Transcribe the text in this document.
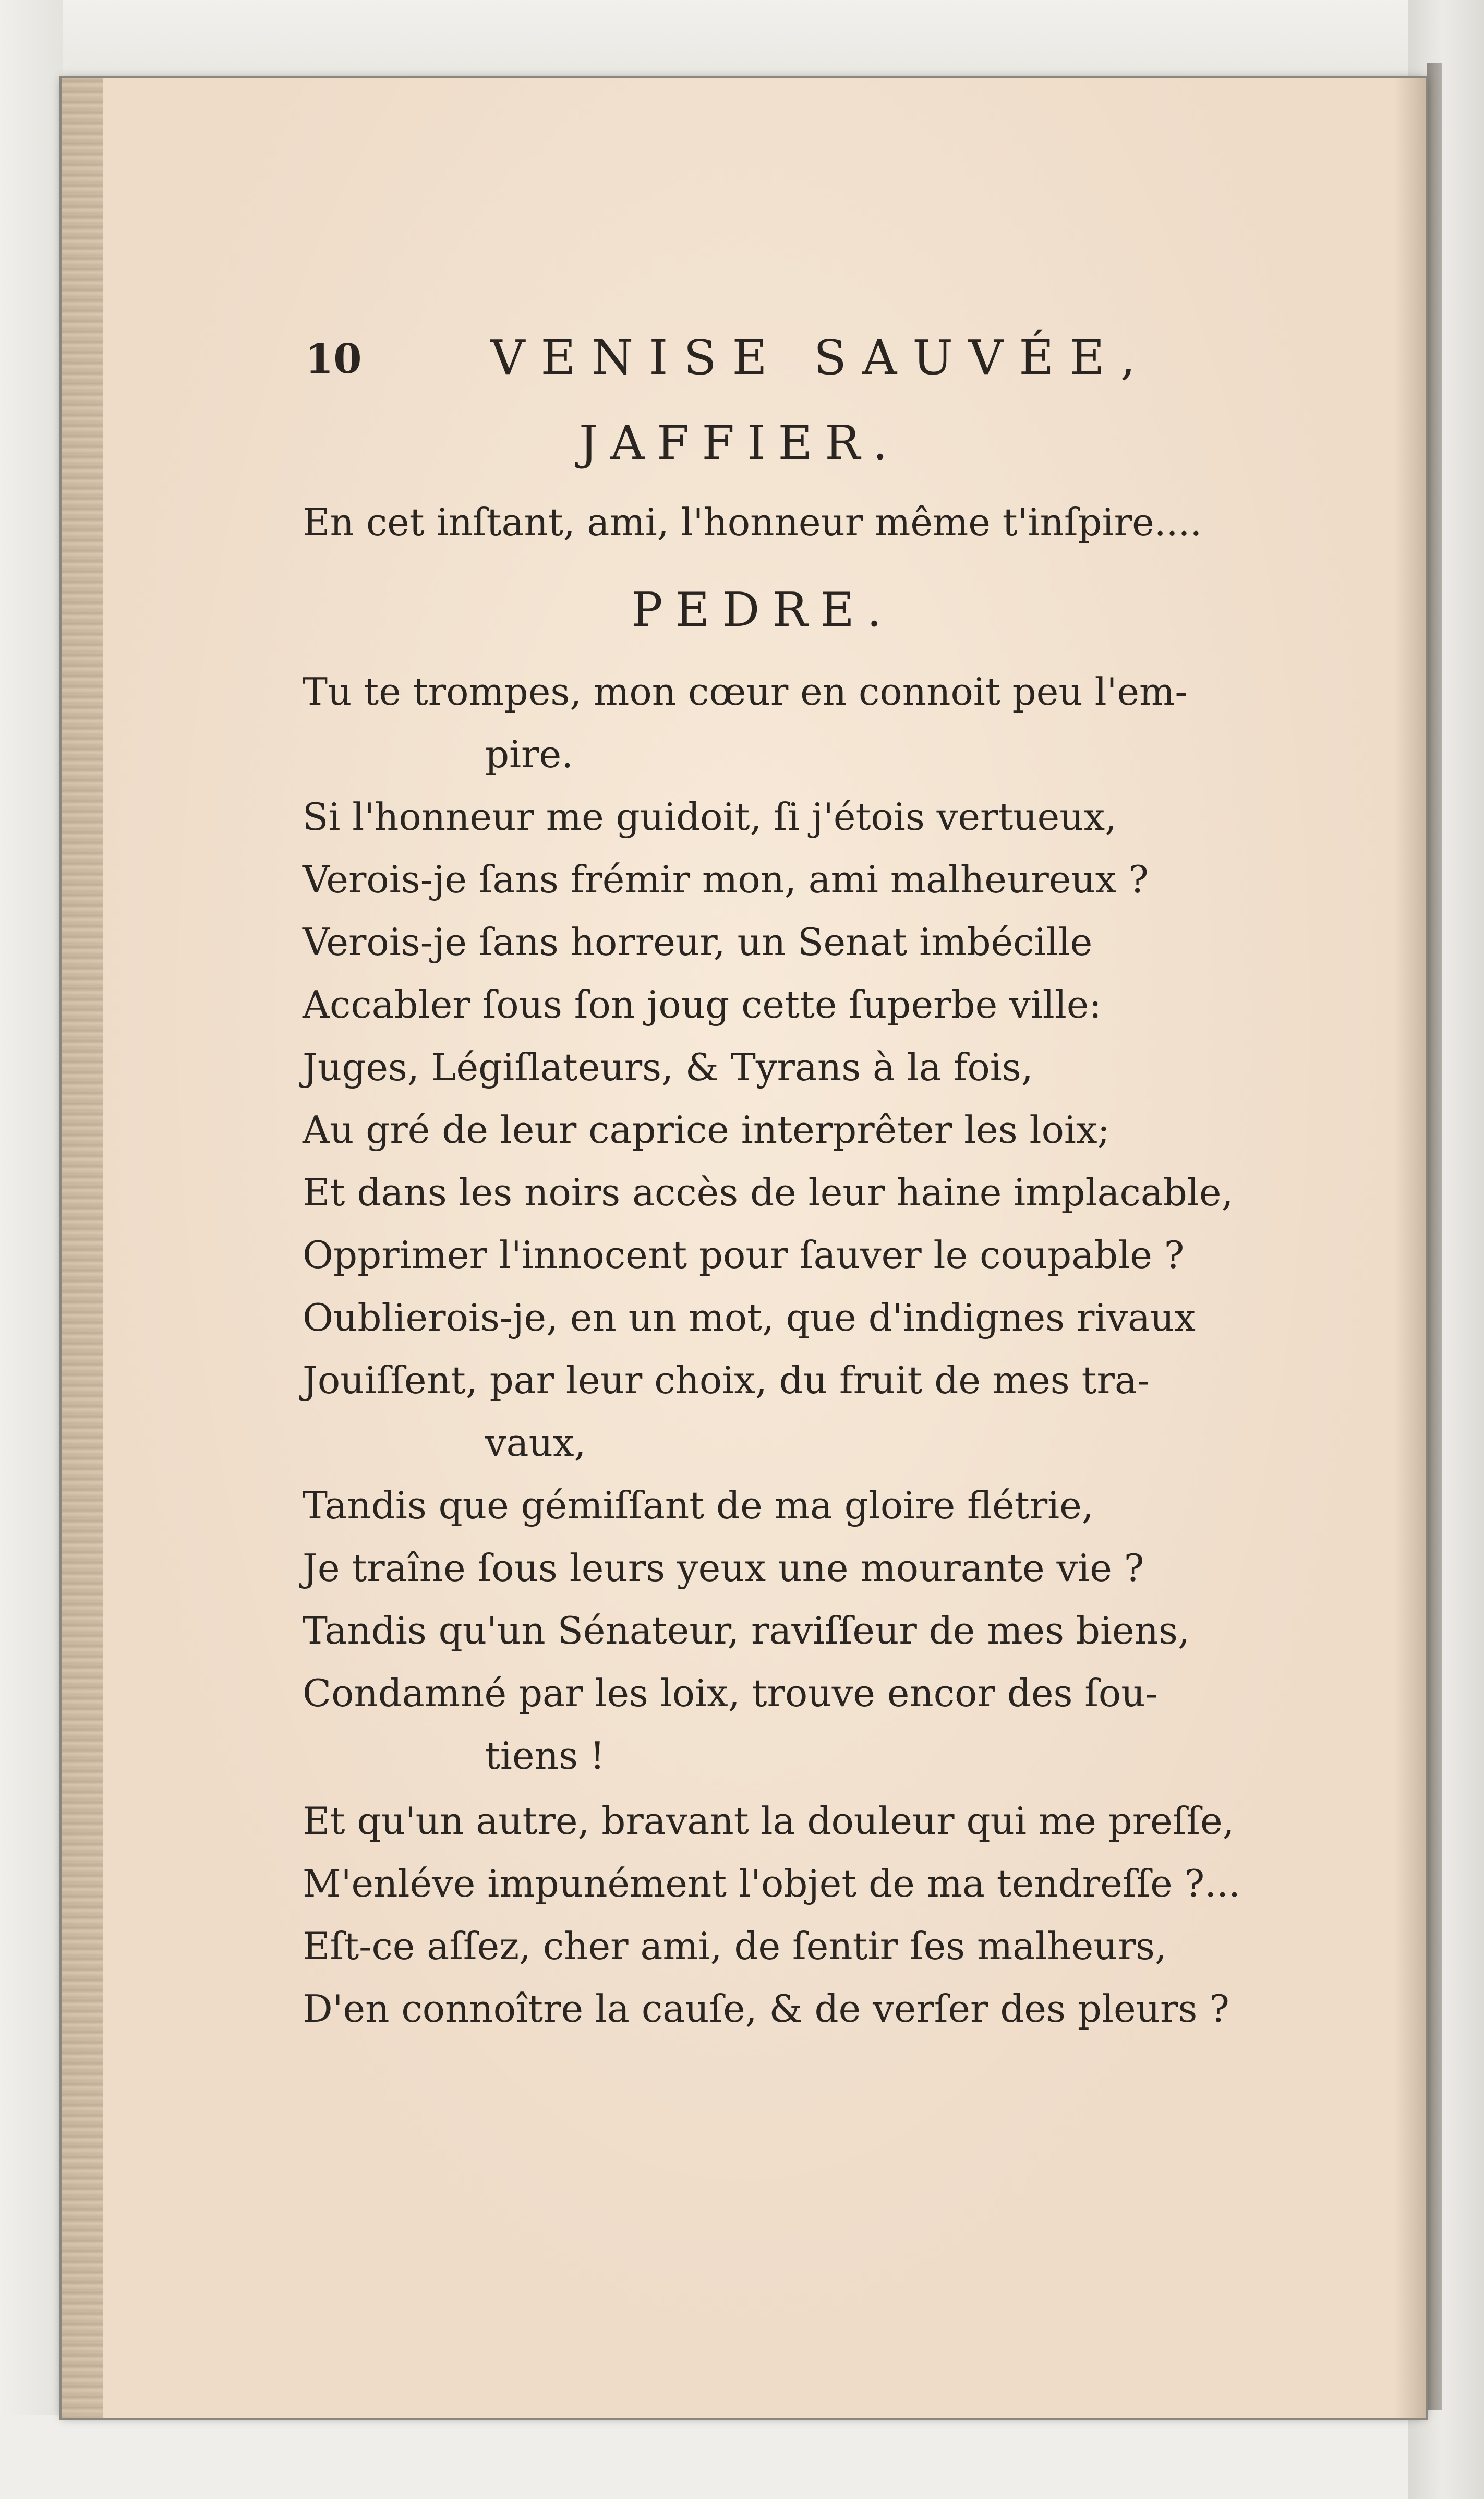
10	VENISE SAUVÉE,
JAFFIER.
En cet inſtant, ami, l'honneur même t'inſpire....
PEDRE.
Tu te trompes, mon cœur en connoit peu l'em-
pire.
Si l'honneur me guidoit, ſi j'étois vertueux,
Verois-je ſans frémir mon, ami malheureux ?
Verois-je ſans horreur, un Senat imbécille
Accabler ſous ſon joug cette ſuperbe ville:
Juges, Légiſlateurs, & Tyrans à la fois,
Au gré de leur caprice interprêter les loix;
Et dans les noirs accès de leur haine implacable,
Opprimer l'innocent pour ſauver le coupable ?
Oublierois-je, en un mot, que d'indignes rivaux
Jouiſſent, par leur choix, du fruit de mes tra-
vaux,
Tandis que gémiſſant de ma gloire flétrie,
Je traîne ſous leurs yeux une mourante vie ?
Tandis qu'un Sénateur, raviſſeur de mes biens,
Condamné par les loix, trouve encor des ſou-
tiens !
Et qu'un autre, bravant la douleur qui me preſſe,
M'enléve impunément l'objet de ma tendreſſe ?...
Eſt-ce aſſez, cher ami, de ſentir ſes malheurs,
D'en connoître la cauſe, & de verſer des pleurs ?
